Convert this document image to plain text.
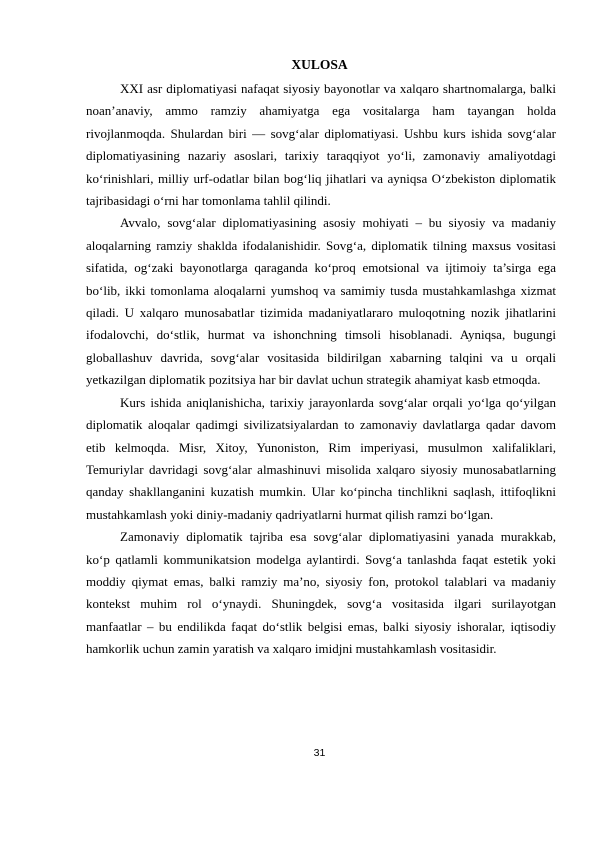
XULOSA

XXI asr diplomatiyasi nafaqat siyosiy bayonotlar va xalqaro shartnomalarga, balki noan’anaviy, ammo ramziy ahamiyatga ega vositalarga ham tayangan holda rivojlanmoqda. Shulardan biri — sovg‘alar diplomatiyasi. Ushbu kurs ishida sovg‘alar diplomatiyasining nazariy asoslari, tarixiy taraqqiyot yo‘li, zamonaviy amaliyotdagi ko‘rinishlari, milliy urf-odatlar bilan bog‘liq jihatlari va ayniqsa O‘zbekiston diplomatik tajribasidagi o‘rni har tomonlama tahlil qilindi.

Avvalo, sovg‘alar diplomatiyasining asosiy mohiyati – bu siyosiy va madaniy aloqalarning ramziy shaklda ifodalanishidir. Sovg‘a, diplomatik tilning maxsus vositasi sifatida, og‘zaki bayonotlarga qaraganda ko‘proq emotsional va ijtimoiy ta’sirga ega bo‘lib, ikki tomonlama aloqalarni yumshoq va samimiy tusda mustahkamlashga xizmat qiladi. U xalqaro munosabatlar tizimida madaniyatlararo muloqotning nozik jihatlarini ifodalovchi, do‘stlik, hurmat va ishonchning timsoli hisoblanadi. Ayniqsa, bugungi globallashuv davrida, sovg‘alar vositasida bildirilgan xabarning talqini va u orqali yetkazilgan diplomatik pozitsiya har bir davlat uchun strategik ahamiyat kasb etmoqda.

Kurs ishida aniqlanishicha, tarixiy jarayonlarda sovg‘alar orqali yo‘lga qo‘yilgan diplomatik aloqalar qadimgi sivilizatsiyalardan to zamonaviy davlatlarga qadar davom etib kelmoqda. Misr, Xitoy, Yunoniston, Rim imperiyasi, musulmon xalifaliklari, Temuriylar davridagi sovg‘alar almashinuvi misolida xalqaro siyosiy munosabatlarning qanday shakllanganini kuzatish mumkin. Ular ko‘pincha tinchlikni saqlash, ittifoqlikni mustahkamlash yoki diniy-madaniy qadriyatlarni hurmat qilish ramzi bo‘lgan.

Zamonaviy diplomatik tajriba esa sovg‘alar diplomatiyasini yanada murakkab, ko‘p qatlamli kommunikatsion modelga aylantirdi. Sovg‘a tanlashda faqat estetik yoki moddiy qiymat emas, balki ramziy ma’no, siyosiy fon, protokol talablari va madaniy kontekst muhim rol o‘ynaydi. Shuningdek, sovg‘a vositasida ilgari surilayotgan manfaatlar – bu endilikda faqat do‘stlik belgisi emas, balki siyosiy ishoralar, iqtisodiy hamkorlik uchun zamin yaratish va xalqaro imidjni mustahkamlash vositasidir.

31
